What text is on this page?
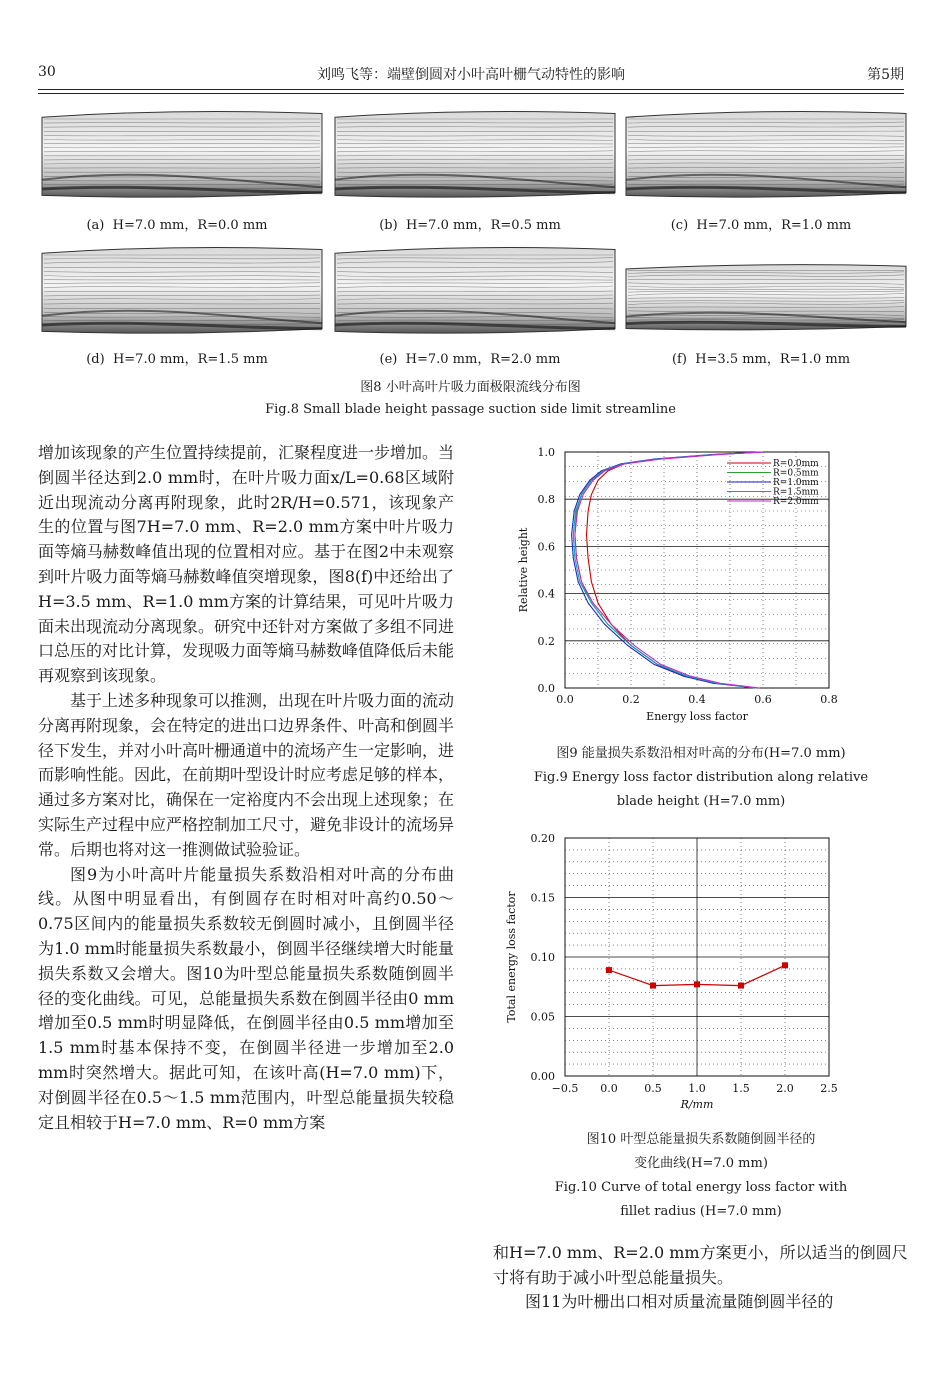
30	刘鸣飞等：端壁倒圆对小叶高叶栅气动特性的影响	第5期
(a) H=7.0 mm，R=0.0 mm	(b) H=7.0 mm，R=0.5 mm	(c) H=7.0 mm，R=1.0 mm
(d) H=7.0 mm，R=1.5 mm	(e) H=7.0 mm，R=2.0 mm	(f) H=3.5 mm，R=1.0 mm
图8 小叶高叶片吸力面极限流线分布图
Fig.8 Small blade height passage suction side limit streamline

增加该现象的产生位置持续提前，汇聚程度进一步增加。当倒圆半径达到2.0 mm时，在叶片吸力面x/L=0.68区域附近出现流动分离再附现象，此时2R/H=0.571，该现象产生的位置与图7H=7.0 mm、R=2.0 mm方案中叶片吸力面等熵马赫数峰值出现的位置相对应。基于在图2中未观察到叶片吸力面等熵马赫数峰值突增现象，图8(f)中还给出了H=3.5 mm、R=1.0 mm方案的计算结果，可见叶片吸力面未出现流动分离现象。研究中还针对方案做了多组不同进口总压的对比计算，发现吸力面等熵马赫数峰值降低后未能再观察到该现象。

基于上述多种现象可以推测，出现在叶片吸力面的流动分离再附现象，会在特定的进出口边界条件、叶高和倒圆半径下发生，并对小叶高叶栅通道中的流场产生一定影响，进而影响性能。因此，在前期叶型设计时应考虑足够的样本，通过多方案对比，确保在一定裕度内不会出现上述现象；在实际生产过程中应严格控制加工尺寸，避免非设计的流场异常。后期也将对这一推测做试验验证。

图9为小叶高叶片能量损失系数沿相对叶高的分布曲线。从图中明显看出，有倒圆存在时相对叶高约0.50～0.75区间内的能量损失系数较无倒圆时减小，且倒圆半径为1.0 mm时能量损失系数最小，倒圆半径继续增大时能量损失系数又会增大。图10为叶型总能量损失系数随倒圆半径的变化曲线。可见，总能量损失系数在倒圆半径由0 mm增加至0.5 mm时明显降低，在倒圆半径由0.5 mm增加至1.5 mm时基本保持不变，在倒圆半径进一步增加至2.0 mm时突然增大。据此可知，在该叶高(H=7.0 mm)下，对倒圆半径在0.5～1.5 mm范围内，叶型总能量损失较稳定且相较于H=7.0 mm、R=0 mm方案

0.0	0.2	0.4	0.6	0.8
0.0
0.2
0.4
0.6
0.8
1.0
Energy loss factor
Relative height
R=0.0mm
R=0.5mm
R=1.0mm
R=1.5mm
R=2.0mm
图9 能量损失系数沿相对叶高的分布(H=7.0 mm)
Fig.9 Energy loss factor distribution along relative
blade height (H=7.0 mm)
−0.5 0.0 0.5 1.0 1.5 2.0 2.5
0.00
0.05
0.10
0.15
0.20
R/mm
Total energy loss factor
图10 叶型总能量损失系数随倒圆半径的
变化曲线(H=7.0 mm)
Fig.10 Curve of total energy loss factor with
fillet radius (H=7.0 mm)

和H=7.0 mm、R=2.0 mm方案更小，所以适当的倒圆尺寸将有助于减小叶型总能量损失。

图11为叶栅出口相对质量流量随倒圆半径的
